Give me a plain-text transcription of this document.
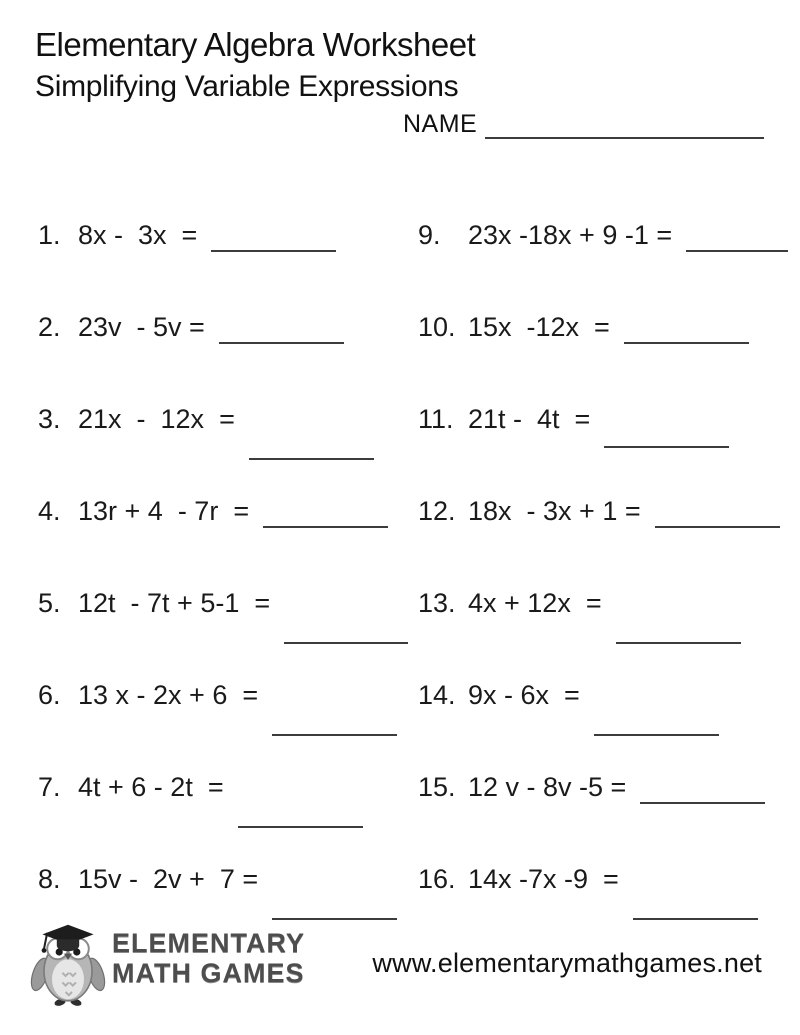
Elementary Algebra Worksheet
Simplifying Variable Expressions
NAME
1. 8x -  3x  =
2. 23v  - 5v =
3. 21x  -  12x  =
4. 13r + 4  - 7r  =
5. 12t  - 7t + 5-1  =
6. 13 x - 2x + 6  =
7. 4t + 6 - 2t  =
8. 15v -  2v +  7 =
9.	23x -18x + 9 -1 =
10. 15x  -12x  =
11. 21t -  4t  =
12. 18x  - 3x + 1 =
13. 4x + 12x  =
14. 9x - 6x  =
15. 12 v - 8v -5 =
16. 14x -7x -9  =
ELEMENTARY
MATH GAMES	www.elementarymathgames.net
